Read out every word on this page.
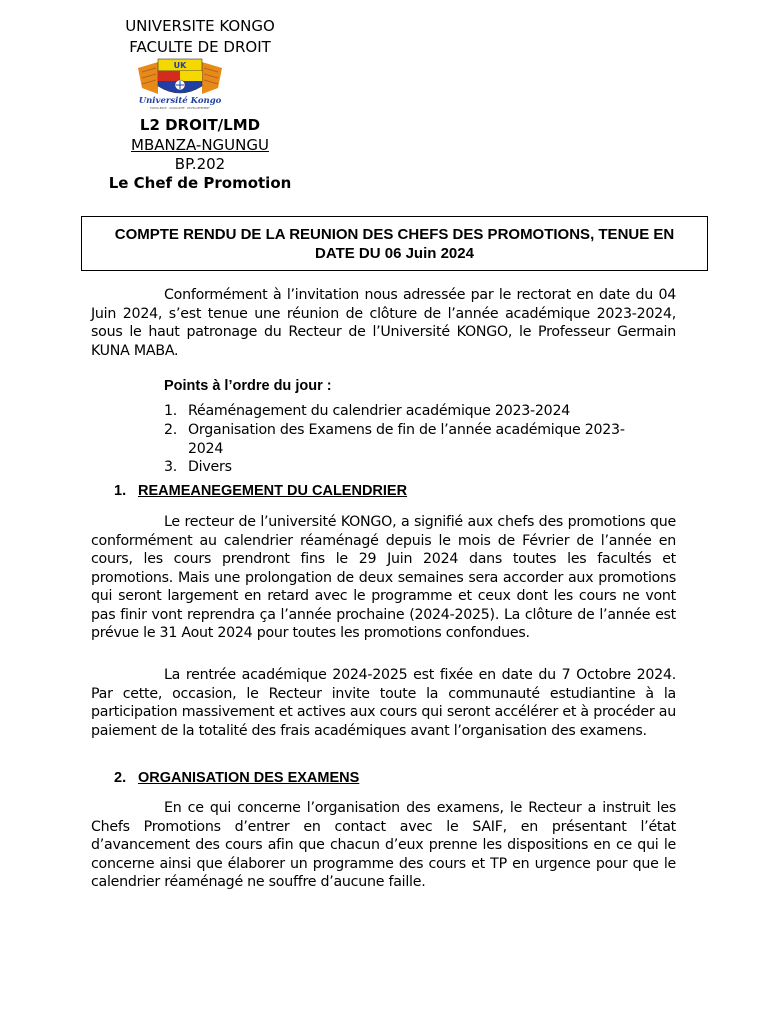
UNIVERSITE KONGO
FACULTE DE DROIT
UK
Université Kongo
EXCELLENCE · SOLIDARITÉ · DÉVELOPPEMENT
L2 DROIT/LMD
MBANZA-NGUNGU
BP.202
Le Chef de Promotion
COMPTE RENDU DE LA REUNION DES CHEFS DES PROMOTIONS, TENUE EN DATE DU 06 Juin 2024
Conformément à l’invitation nous adressée par le rectorat en date du 04 Juin 2024, s’est tenue une réunion de clôture de l’année académique 2023-2024, sous le haut patronage du Recteur de l’Université KONGO, le Professeur Germain KUNA MABA.
Points à l’ordre du jour :
1. Réaménagement du calendrier académique 2023-2024
2. Organisation des Examens de fin de l’année académique 2023-2024
3. Divers
1. REAMEANEGEMENT DU CALENDRIER
Le recteur de l’université KONGO, a signifié aux chefs des promotions que conformément au calendrier réaménagé depuis le mois de Février de l’année en cours, les cours prendront fins le 29 Juin 2024 dans toutes les facultés et promotions. Mais une prolongation de deux semaines sera accorder aux promotions qui seront largement en retard avec le programme et ceux dont les cours ne vont pas finir vont reprendra ça l’année prochaine (2024-2025). La clôture de l’année est prévue le 31 Aout 2024 pour toutes les promotions confondues.
La rentrée académique 2024-2025 est fixée en date du 7 Octobre 2024. Par cette, occasion, le Recteur invite toute la communauté estudiantine à la participation massivement et actives aux cours qui seront accélérer et à procéder au paiement de la totalité des frais académiques avant l’organisation des examens.
2. ORGANISATION DES EXAMENS
En ce qui concerne l’organisation des examens, le Recteur a instruit les Chefs Promotions d’entrer en contact avec le SAIF, en présentant l’état d’avancement des cours afin que chacun d’eux prenne les dispositions en ce qui le concerne ainsi que élaborer un programme des cours et TP en urgence pour que le calendrier réaménagé ne souffre d’aucune faille.
